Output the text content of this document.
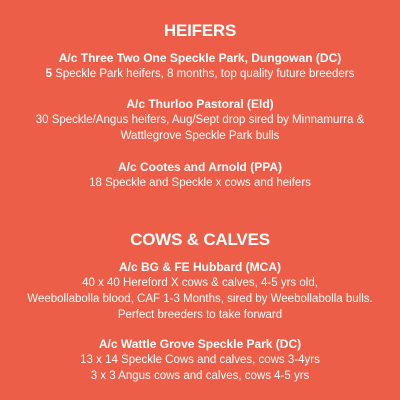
HEIFERS
A/c Three Two One Speckle Park, Dungowan (DC)
5 Speckle Park heifers, 8 months, top quality future breeders
A/c Thurloo Pastoral (Eld)
30 Speckle/Angus heifers, Aug/Sept drop sired by Minnamurra &
Wattlegrove Speckle Park bulls
A/c Cootes and Arnold (PPA)
18 Speckle and Speckle x cows and heifers
COWS & CALVES
A/c BG & FE Hubbard (MCA)
40 x 40 Hereford X cows & calves, 4-5 yrs old,
Weebollabolla blood, CAF 1-3 Months, sired by Weebollabolla bulls.
Perfect breeders to take forward
A/c Wattle Grove Speckle Park (DC)
13 x 14 Speckle Cows and calves, cows 3-4yrs
3 x 3 Angus cows and calves, cows 4-5 yrs
